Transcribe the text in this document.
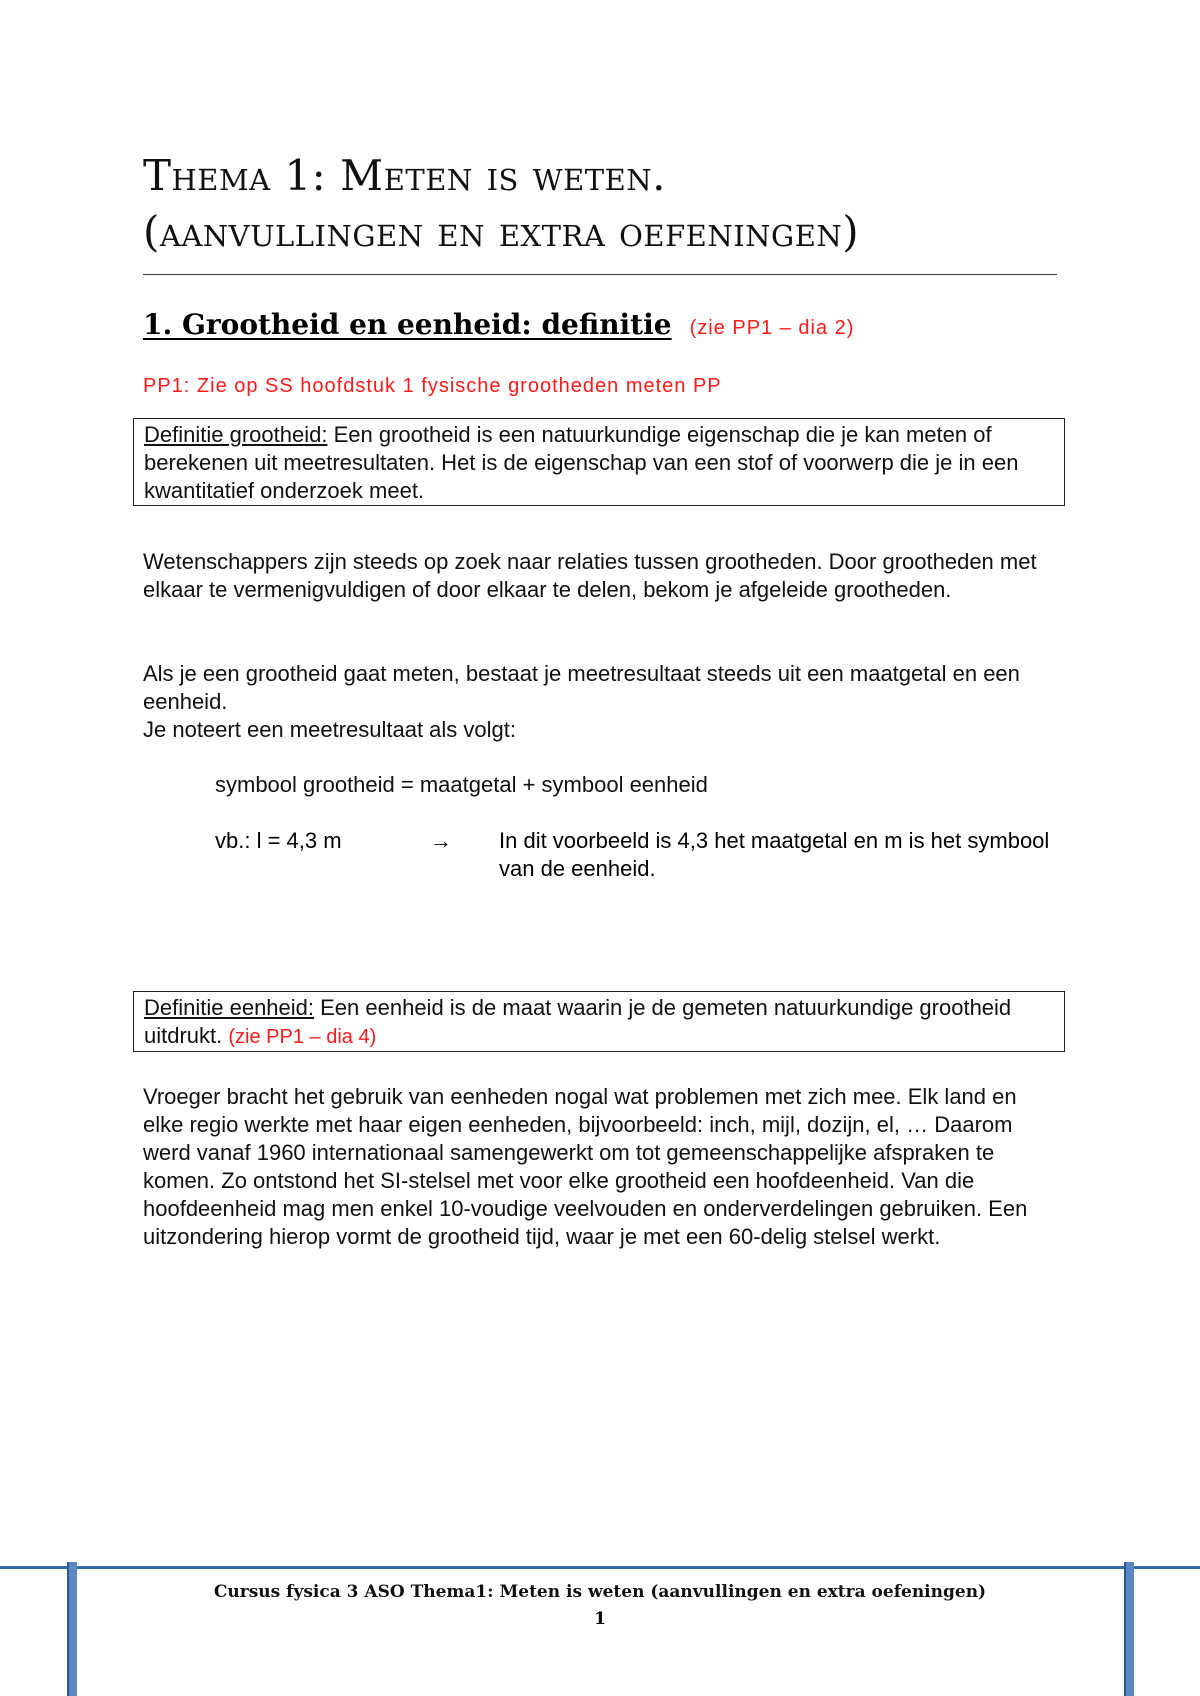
Thema 1: Meten is weten.
(aanvullingen en extra oefeningen)
1. Grootheid en eenheid: definitie (zie PP1 – dia 2)

PP1: Zie op SS hoofdstuk 1 fysische grootheden meten PP

Definitie grootheid: Een grootheid is een natuurkundige eigenschap die je kan meten of berekenen uit meetresultaten. Het is de eigenschap van een stof of voorwerp die je in een kwantitatief onderzoek meet.

Wetenschappers zijn steeds op zoek naar relaties tussen grootheden. Door grootheden met elkaar te vermenigvuldigen of door elkaar te delen, bekom je afgeleide grootheden.

Als je een grootheid gaat meten, bestaat je meetresultaat steeds uit een maatgetal en een eenheid.
Je noteert een meetresultaat als volgt:

symbool grootheid = maatgetal + symbool eenheid

vb.: l = 4,3 m	→ In dit voorbeeld is 4,3 het maatgetal en m is het symbool van de eenheid.

Definitie eenheid: Een eenheid is de maat waarin je de gemeten natuurkundige grootheid uitdrukt. (zie PP1 – dia 4)

Vroeger bracht het gebruik van eenheden nogal wat problemen met zich mee. Elk land en elke regio werkte met haar eigen eenheden, bijvoorbeeld: inch, mijl, dozijn, el, … Daarom werd vanaf 1960 internationaal samengewerkt om tot gemeenschappelijke afspraken te komen. Zo ontstond het SI-stelsel met voor elke grootheid een hoofdeenheid. Van die hoofdeenheid mag men enkel 10-voudige veelvouden en onderverdelingen gebruiken. Een uitzondering hierop vormt de grootheid tijd, waar je met een 60-delig stelsel werkt.

Cursus fysica 3 ASO Thema1: Meten is weten (aanvullingen en extra oefeningen)

1
